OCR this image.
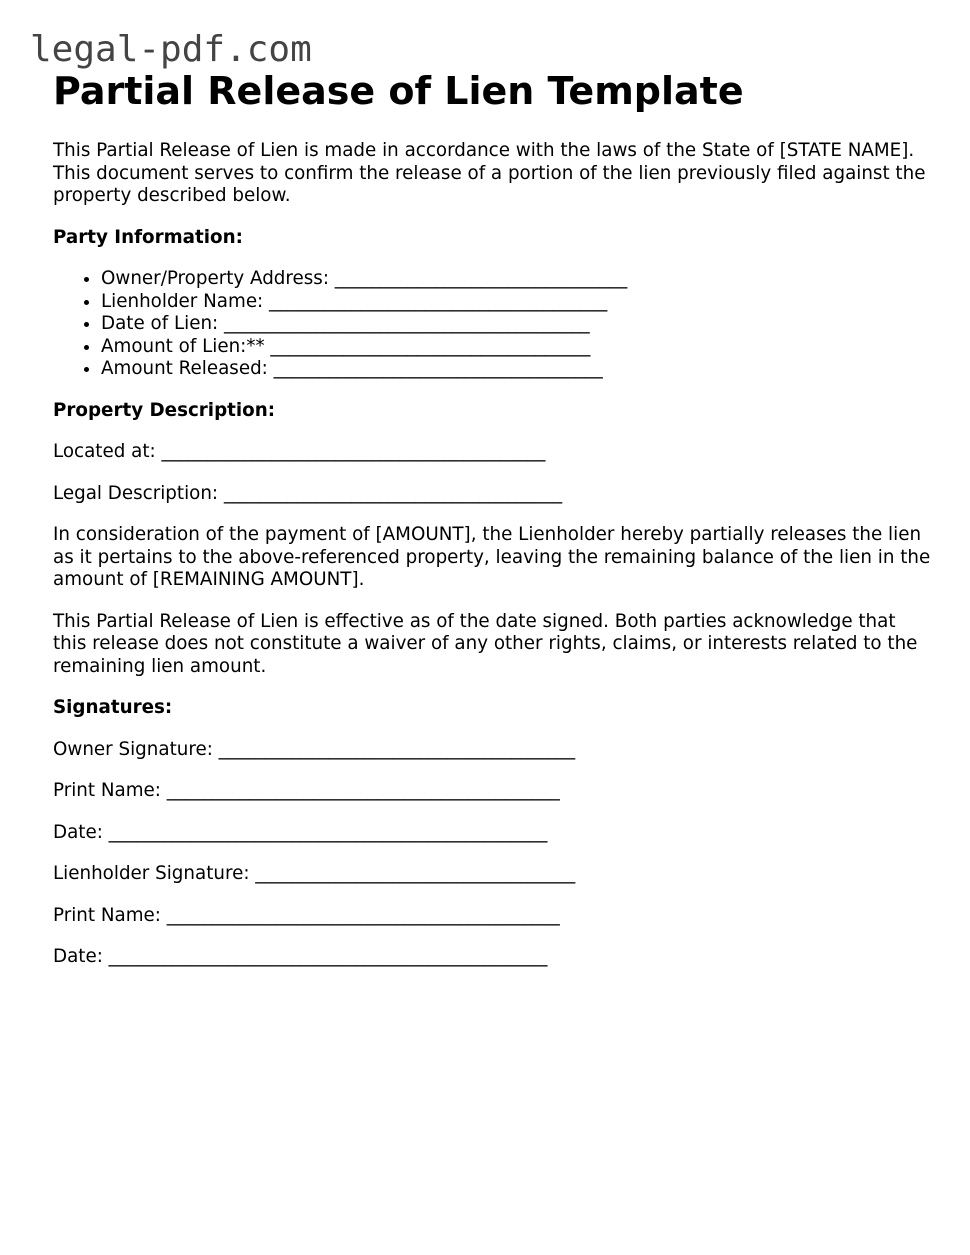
legal-pdf.com
Partial Release of Lien Template

This Partial Release of Lien is made in accordance with the laws of the State of [STATE NAME]. This document serves to confirm the release of a portion of the lien previously filed against the property described below.

Party Information:
• Owner/Property Address: ________________________________
• Lienholder Name: _____________________________________
• Date of Lien: ________________________________________
• Amount of Lien:** ___________________________________
• Amount Released: ____________________________________
Property Description:
Located at: __________________________________________
Legal Description: _____________________________________

In consideration of the payment of [AMOUNT], the Lienholder hereby partially releases the lien as it pertains to the above-referenced property, leaving the remaining balance of the lien in the amount of [REMAINING AMOUNT].

This Partial Release of Lien is effective as of the date signed. Both parties acknowledge that this release does not constitute a waiver of any other rights, claims, or interests related to the remaining lien amount.

Signatures:
Owner Signature: _______________________________________
Print Name: ___________________________________________
Date: ________________________________________________
Lienholder Signature: ___________________________________
Print Name: ___________________________________________
Date: ________________________________________________
